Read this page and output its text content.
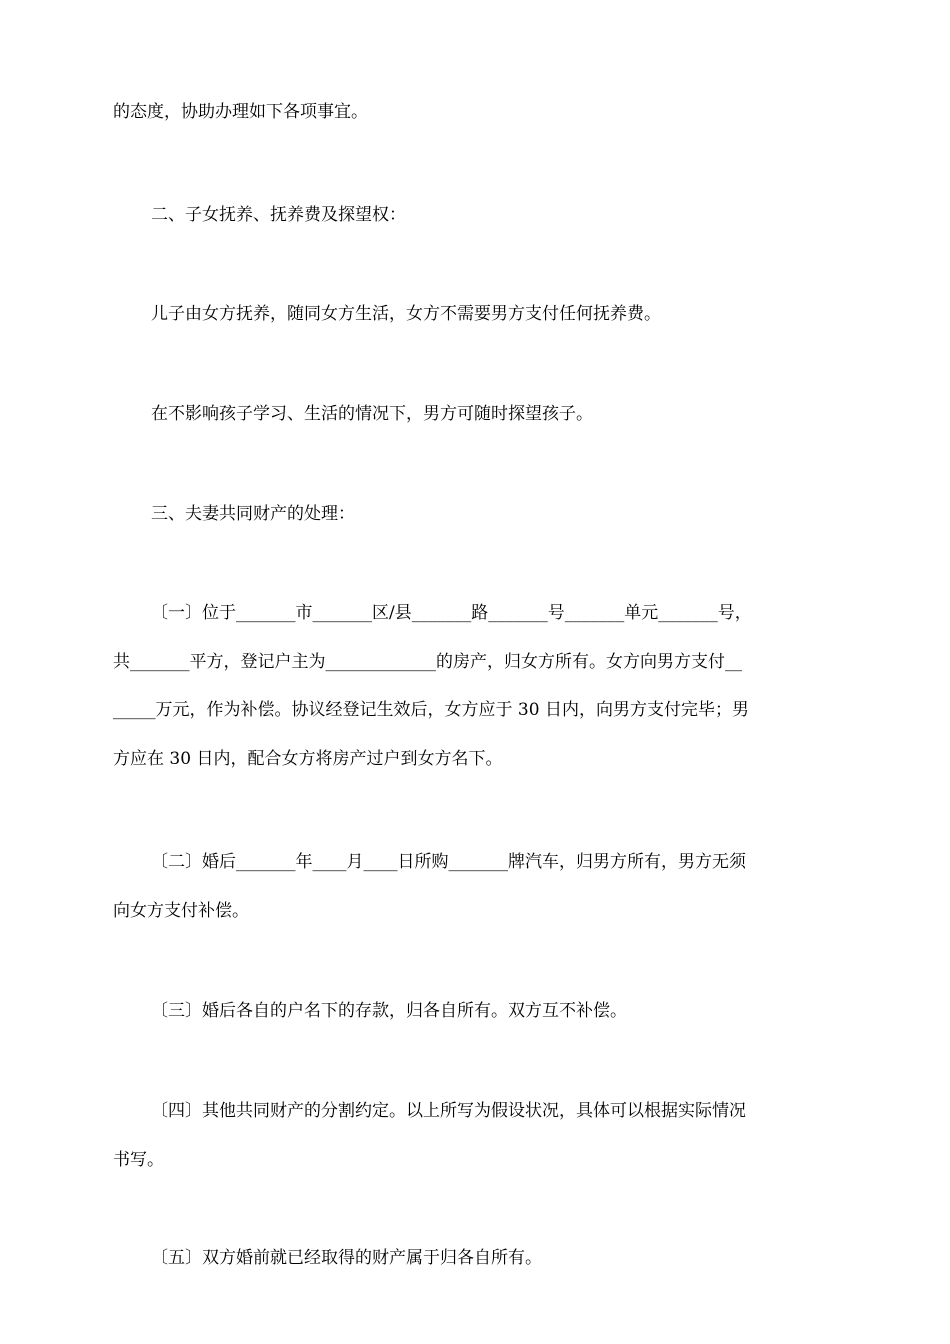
的态度，协助办理如下各项事宜。

二、子女抚养、抚养费及探望权：

儿子由女方抚养，随同女方生活，女方不需要男方支付任何抚养费。

在不影响孩子学习、生活的情况下，男方可随时探望孩子。

三、夫妻共同财产的处理：

〔一〕位于_______市_______区/县_______路_______号_______单元_______号，
共_______平方，登记户主为_____________的房产，归女方所有。女方向男方支付__
_____万元，作为补偿。协议经登记生效后，女方应于 30 日内，向男方支付完毕；男
方应在 30 日内，配合女方将房产过户到女方名下。

〔二〕婚后_______年____月____日所购_______牌汽车，归男方所有，男方无须
向女方支付补偿。

〔三〕婚后各自的户名下的存款，归各自所有。双方互不补偿。

〔四〕其他共同财产的分割约定。以上所写为假设状况，具体可以根据实际情况
书写。

〔五〕双方婚前就已经取得的财产属于归各自所有。
